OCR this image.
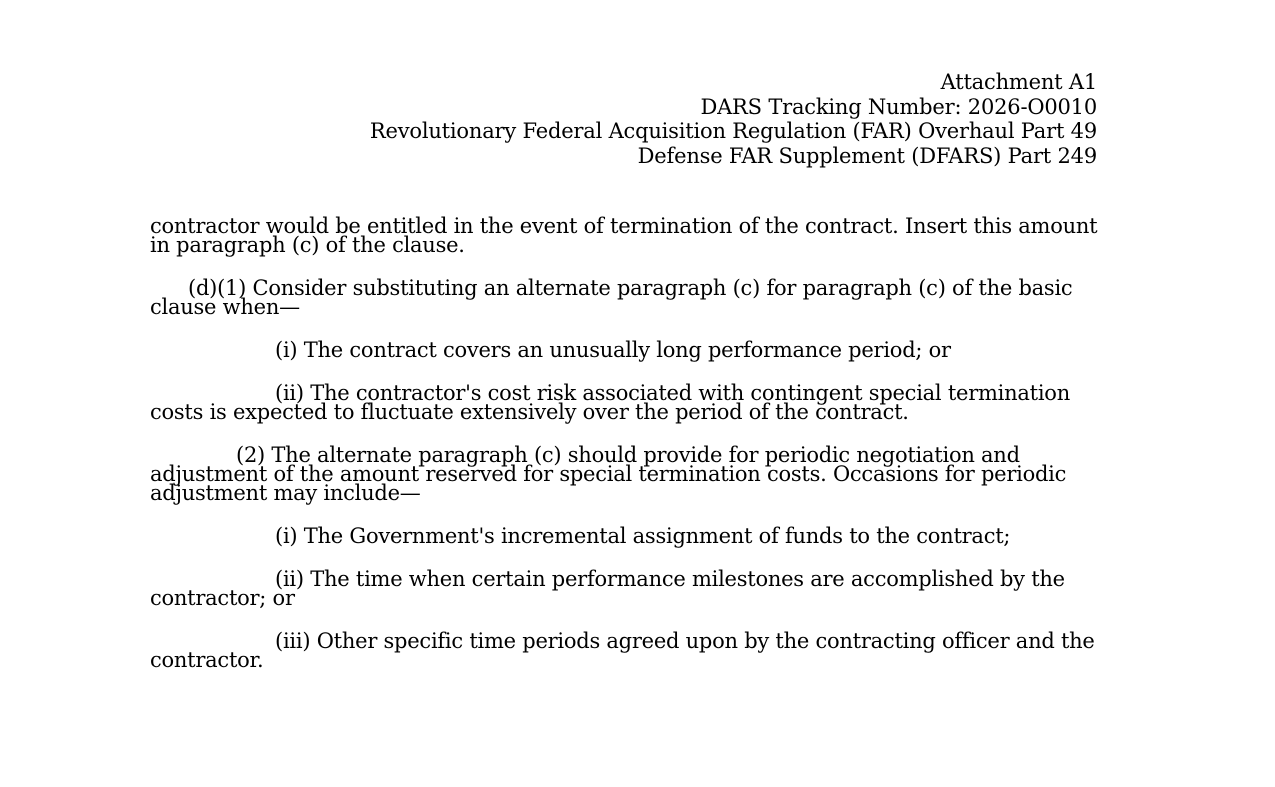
Attachment A1
DARS Tracking Number: 2026-O0010
Revolutionary Federal Acquisition Regulation (FAR) Overhaul Part 49
Defense FAR Supplement (DFARS) Part 249

contractor would be entitled in the event of termination of the contract. Insert this amount in paragraph (c) of the clause.

(d)(1) Consider substituting an alternate paragraph (c) for paragraph (c) of the basic clause when—

(i) The contract covers an unusually long performance period; or

(ii) The contractor's cost risk associated with contingent special termination costs is expected to fluctuate extensively over the period of the contract.

(2) The alternate paragraph (c) should provide for periodic negotiation and adjustment of the amount reserved for special termination costs. Occasions for periodic adjustment may include—

(i) The Government's incremental assignment of funds to the contract;

(ii) The time when certain performance milestones are accomplished by the contractor; or

(iii) Other specific time periods agreed upon by the contracting officer and the contractor.
